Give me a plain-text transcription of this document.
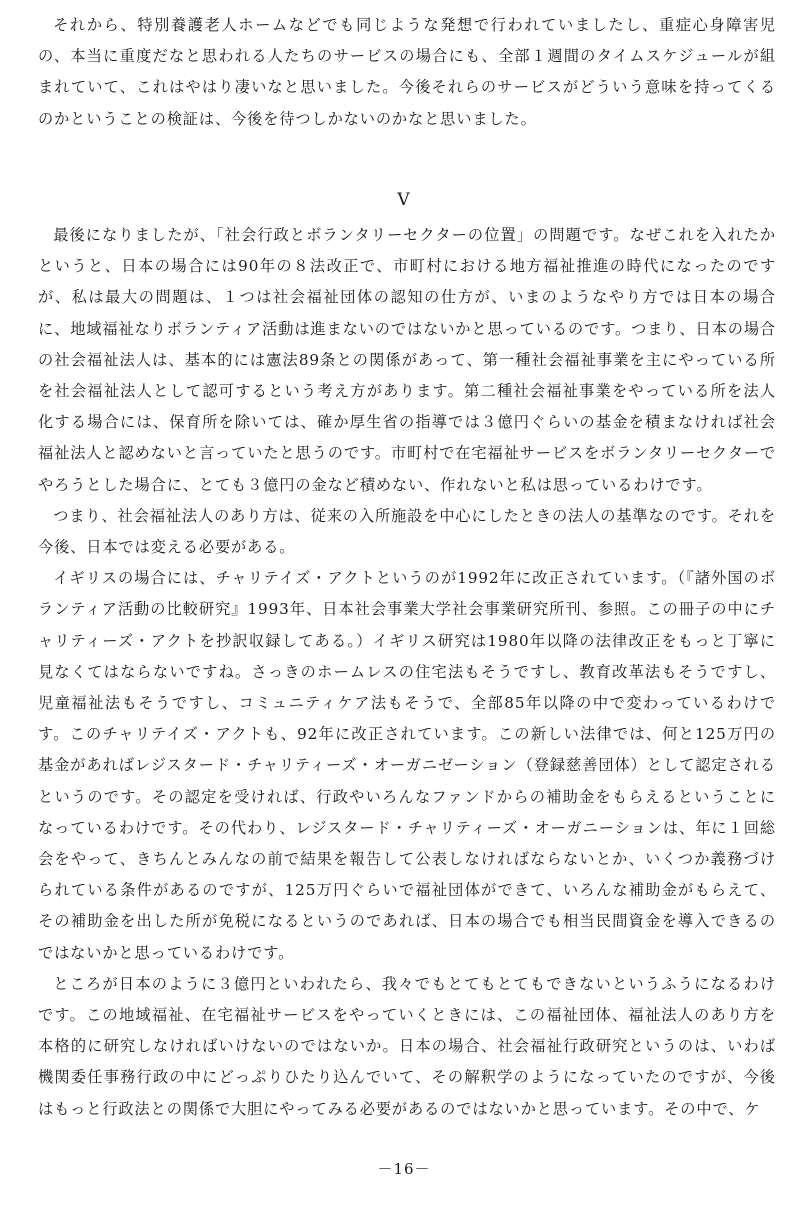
それから、特別養護老人ホームなどでも同じような発想で行われていましたし、重症心身障害児の、本当に重度だなと思われる人たちのサービスの場合にも、全部１週間のタイムスケジュールが組まれていて、これはやはり凄いなと思いました。今後それらのサービスがどういう意味を持ってくるのかということの検証は、今後を待つしかないのかなと思いました。

V

最後になりましたが、「社会行政とボランタリーセクターの位置」の問題です。なぜこれを入れたかというと、日本の場合には90年の８法改正で、市町村における地方福祉推進の時代になったのですが、私は最大の問題は、１つは社会福祉団体の認知の仕方が、いまのようなやり方では日本の場合に、地域福祉なりボランティア活動は進まないのではないかと思っているのです。つまり、日本の場合の社会福祉法人は、基本的には憲法89条との関係があって、第一種社会福祉事業を主にやっている所を社会福祉法人として認可するという考え方があります。第二種社会福祉事業をやっている所を法人化する場合には、保育所を除いては、確か厚生省の指導では３億円ぐらいの基金を積まなければ社会福祉法人と認めないと言っていたと思うのです。市町村で在宅福祉サービスをボランタリーセクターでやろうとした場合に、とても３億円の金など積めない、作れないと私は思っているわけです。

つまり、社会福祉法人のあり方は、従来の入所施設を中心にしたときの法人の基準なのです。それを今後、日本では変える必要がある。

イギリスの場合には、チャリテイズ・アクトというのが1992年に改正されています。（『諸外国のボランティア活動の比較研究』1993年、日本社会事業大学社会事業研究所刊、参照。この冊子の中にチャリティーズ・アクトを抄訳収録してある。）イギリス研究は1980年以降の法律改正をもっと丁寧に見なくてはならないですね。さっきのホームレスの住宅法もそうですし、教育改革法もそうですし、児童福祉法もそうですし、コミュニティケア法もそうで、全部85年以降の中で変わっているわけです。このチャリテイズ・アクトも、92年に改正されています。この新しい法律では、何と125万円の基金があればレジスタード・チャリティーズ・オーガニゼーション（登録慈善団体）として認定されるというのです。その認定を受ければ、行政やいろんなファンドからの補助金をもらえるということになっているわけです。その代わり、レジスタード・チャリティーズ・オーガニーションは、年に１回総会をやって、きちんとみんなの前で結果を報告して公表しなければならないとか、いくつか義務づけられている条件があるのですが、125万円ぐらいで福祉団体ができて、いろんな補助金がもらえて、その補助金を出した所が免税になるというのであれば、日本の場合でも相当民間資金を導入できるのではないかと思っているわけです。

ところが日本のように３億円といわれたら、我々でもとてもとてもできないというふうになるわけです。この地域福祉、在宅福祉サービスをやっていくときには、この福祉団体、福祉法人のあり方を本格的に研究しなければいけないのではないか。日本の場合、社会福祉行政研究というのは、いわば機関委任事務行政の中にどっぷりひたり込んでいて、その解釈学のようになっていたのですが、今後はもっと行政法との関係で大胆にやってみる必要があるのではないかと思っています。その中で、ケ

－16－
